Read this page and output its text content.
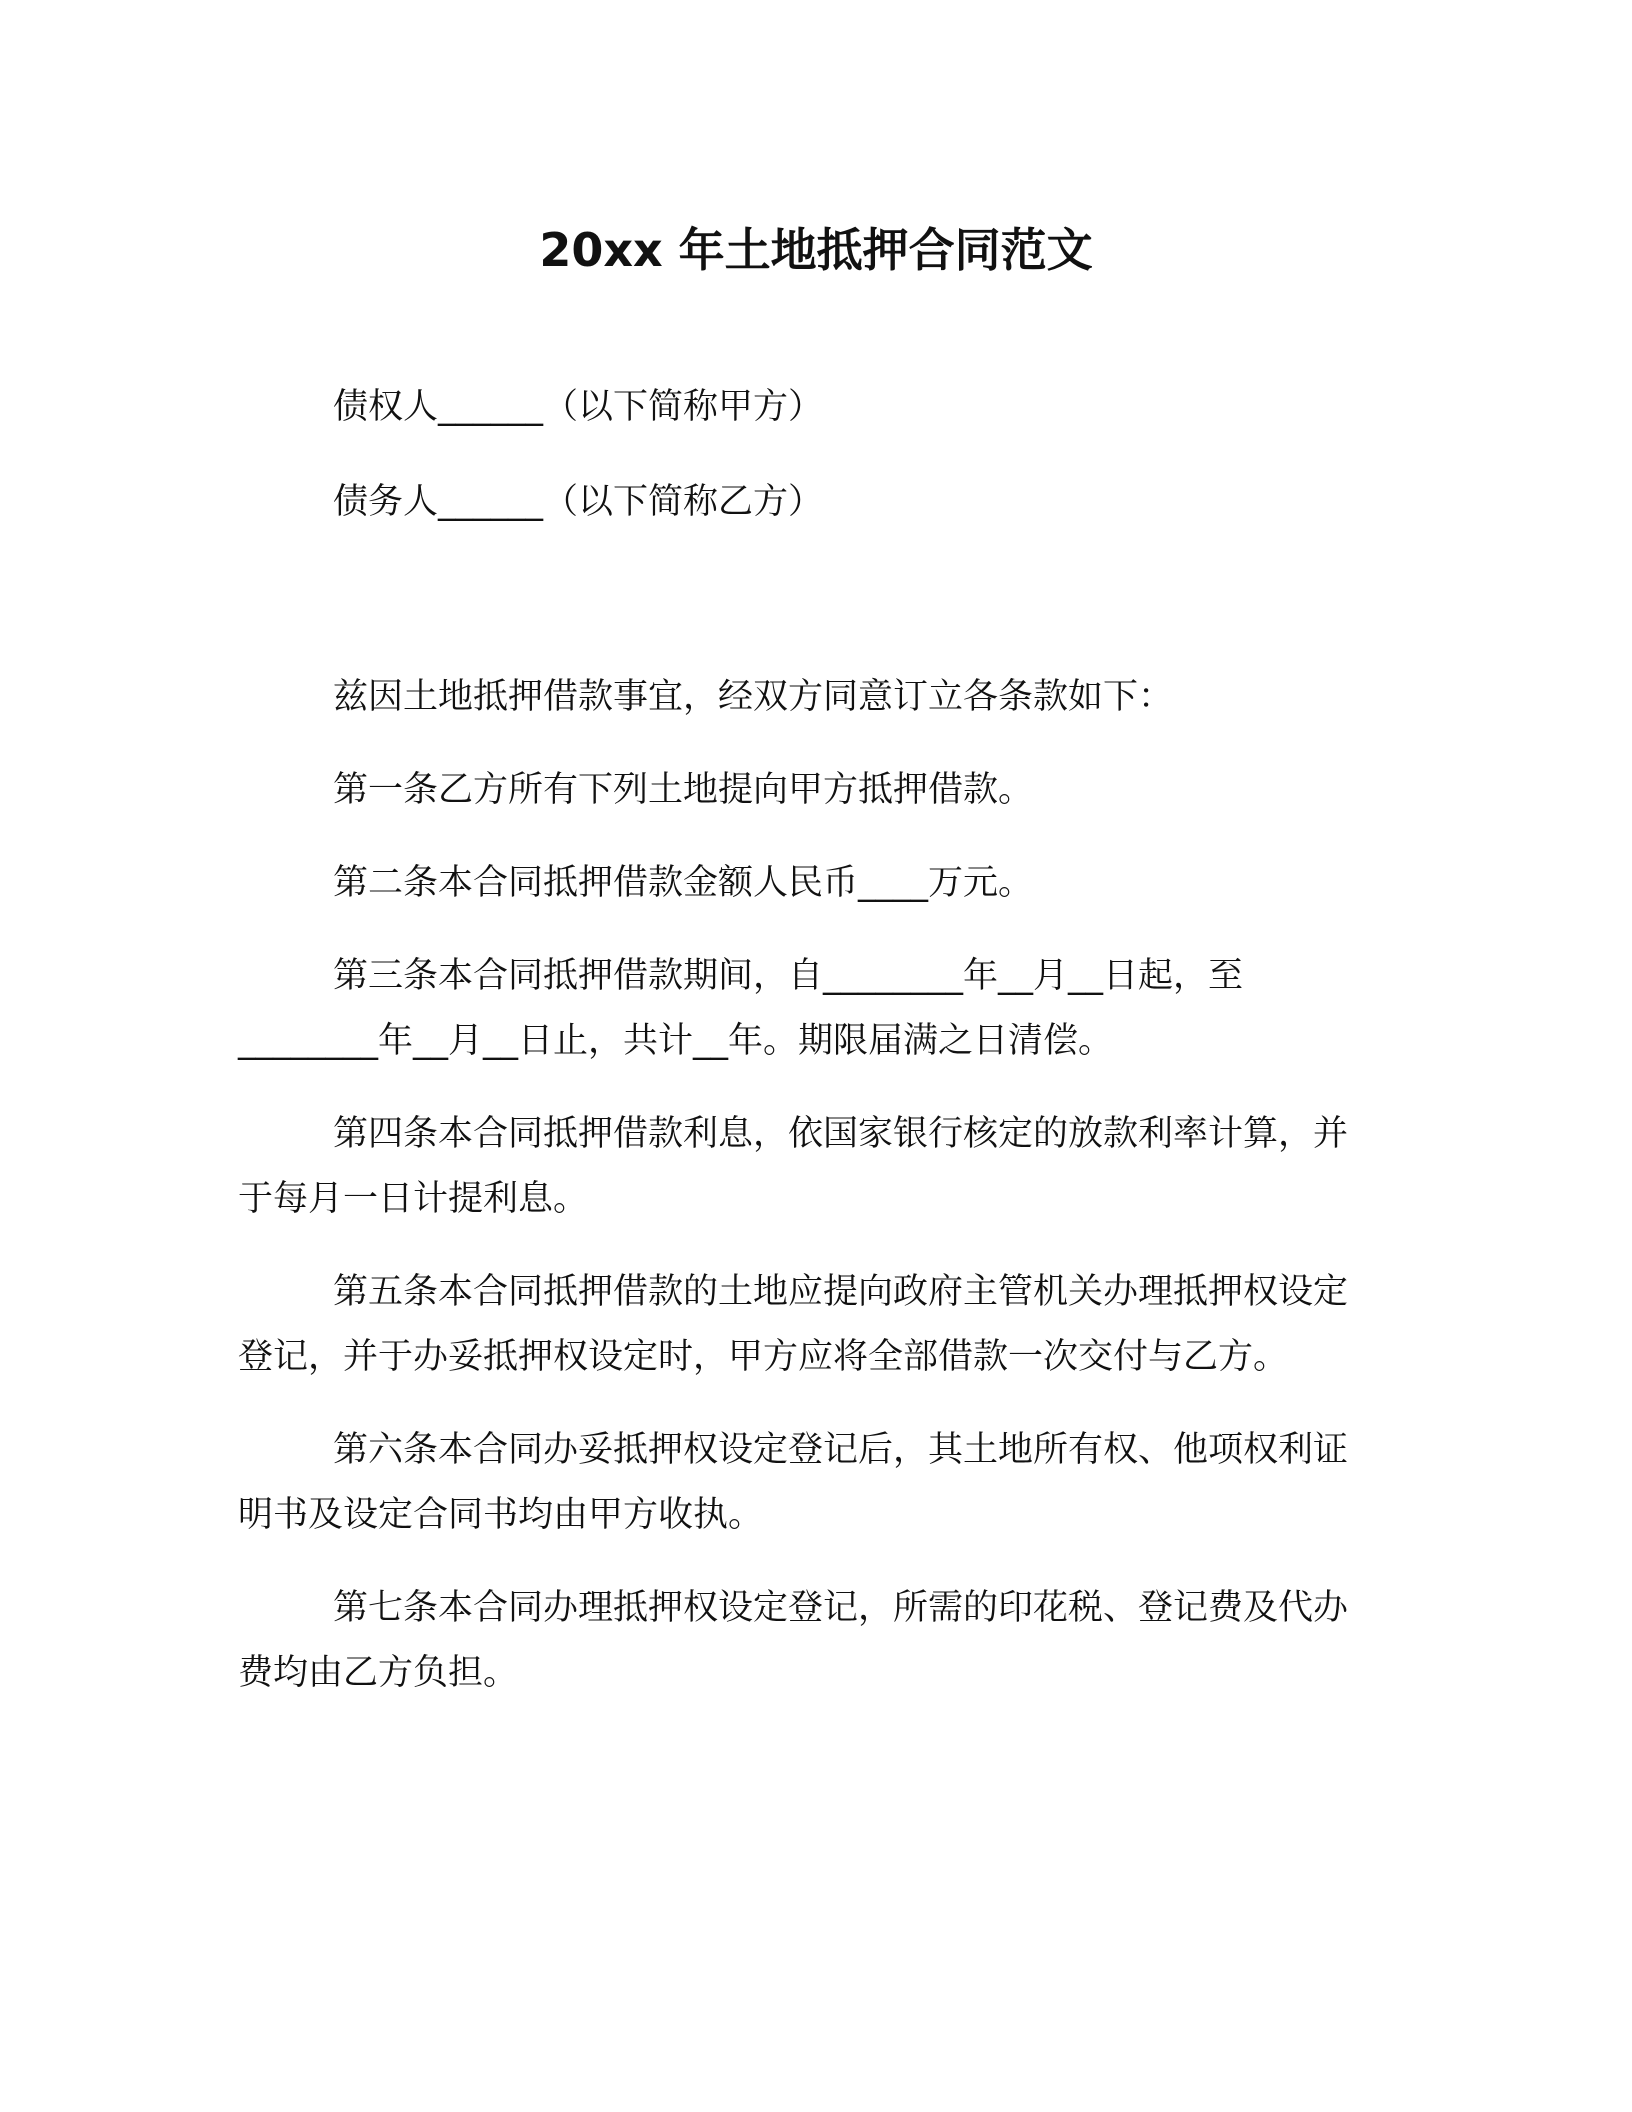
20xx 年土地抵押合同范文
债权人______（以下简称甲方）
债务人______（以下简称乙方）

兹因土地抵押借款事宜，经双方同意订立各条款如下：

第一条乙方所有下列土地提向甲方抵押借款。

第二条本合同抵押借款金额人民币____万元。

第三条本合同抵押借款期间，自________年__月__日起，至________年__月__日止，共计__年。期限届满之日清偿。

第四条本合同抵押借款利息，依国家银行核定的放款利率计算，并于每月一日计提利息。

第五条本合同抵押借款的土地应提向政府主管机关办理抵押权设定登记，并于办妥抵押权设定时，甲方应将全部借款一次交付与乙方。

第六条本合同办妥抵押权设定登记后，其土地所有权、他项权利证明书及设定合同书均由甲方收执。

第七条本合同办理抵押权设定登记，所需的印花税、登记费及代办费均由乙方负担。
